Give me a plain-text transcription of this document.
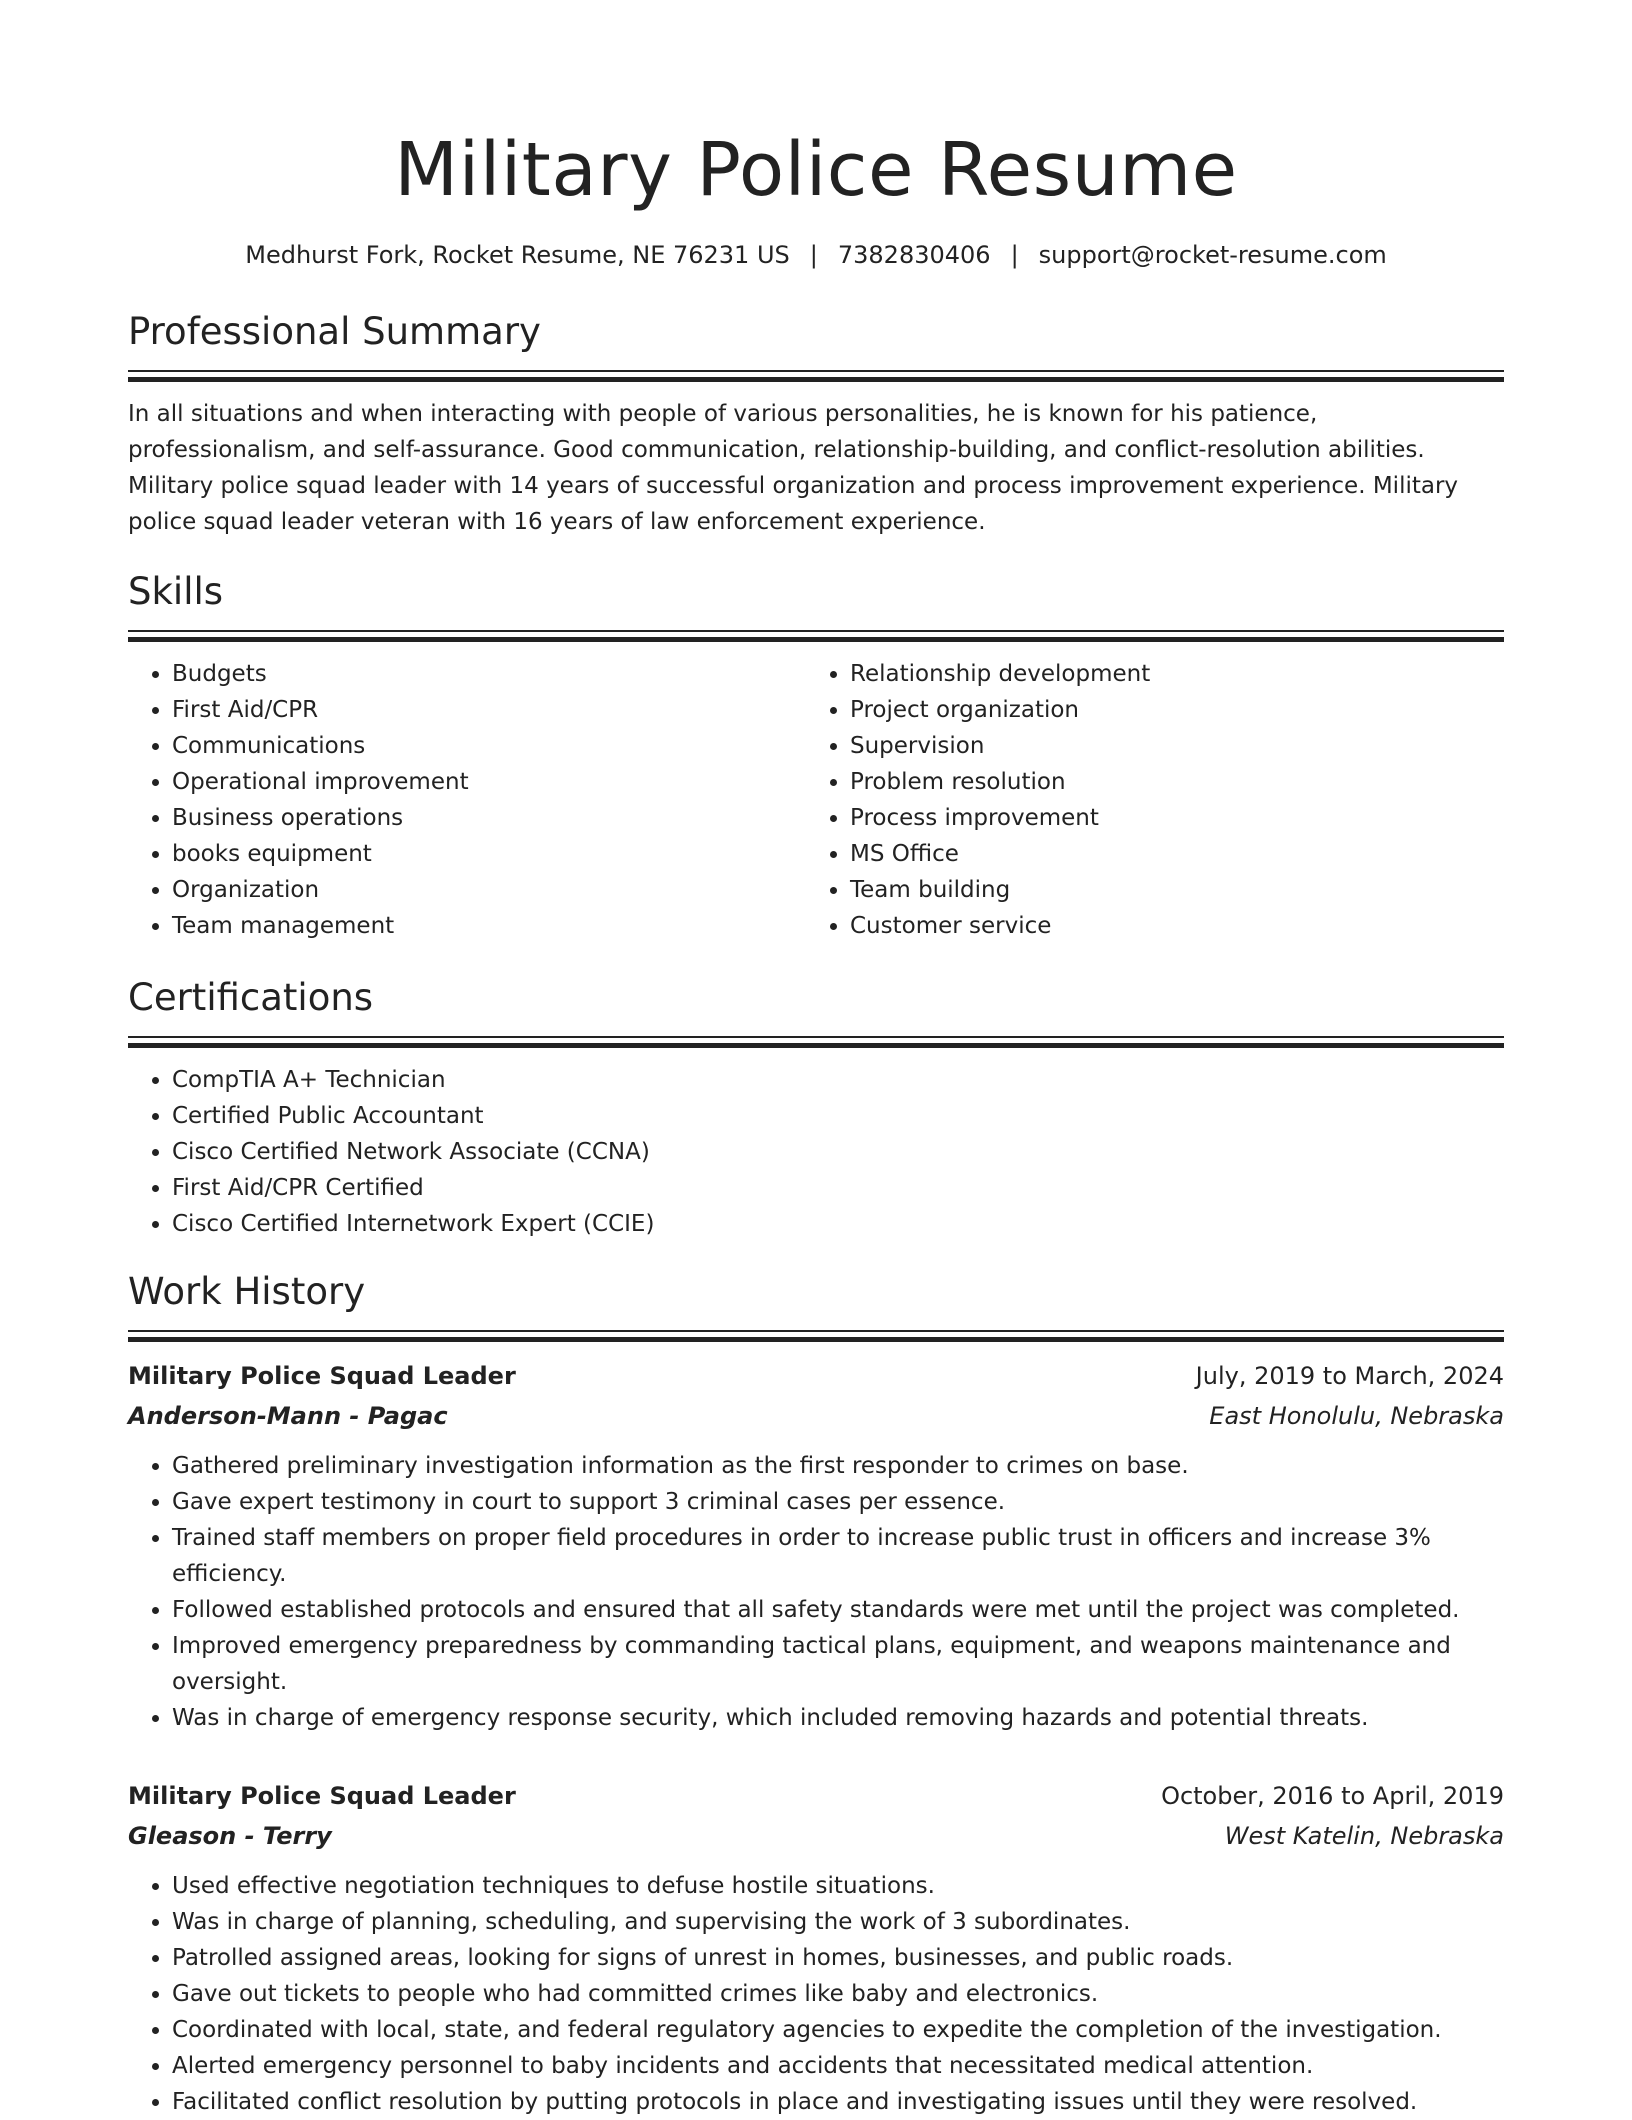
Military Police Resume
Medhurst Fork, Rocket Resume, NE 76231 US | 7382830406 | support@rocket-resume.com
Professional Summary

In all situations and when interacting with people of various personalities, he is known for his patience, professionalism, and self-assurance. Good communication, relationship-building, and conflict-resolution abilities. Military police squad leader with 14 years of successful organization and process improvement experience. Military police squad leader veteran with 16 years of law enforcement experience.

Skills
• Budgets
• First Aid/CPR
• Communications
• Operational improvement
• Business operations
• books equipment
• Organization
• Team management
• Relationship development
• Project organization
• Supervision
• Problem resolution
• Process improvement
• MS Office
• Team building
• Customer service
Certifications
• CompTIA A+ Technician
• Certified Public Accountant
• Cisco Certified Network Associate (CCNA)
• First Aid/CPR Certified
• Cisco Certified Internetwork Expert (CCIE)
Work History
Military Police Squad Leader	July, 2019 to March, 2024
Anderson-Mann - Pagac	East Honolulu, Nebraska
• Gathered preliminary investigation information as the first responder to crimes on base.
• Gave expert testimony in court to support 3 criminal cases per essence.
• Trained staff members on proper field procedures in order to increase public trust in officers and increase 3% efficiency.
• Followed established protocols and ensured that all safety standards were met until the project was completed.
• Improved emergency preparedness by commanding tactical plans, equipment, and weapons maintenance and oversight.
• Was in charge of emergency response security, which included removing hazards and potential threats.
Military Police Squad Leader	October, 2016 to April, 2019
Gleason - Terry	West Katelin, Nebraska
• Used effective negotiation techniques to defuse hostile situations.
• Was in charge of planning, scheduling, and supervising the work of 3 subordinates.
• Patrolled assigned areas, looking for signs of unrest in homes, businesses, and public roads.
• Gave out tickets to people who had committed crimes like baby and electronics.
• Coordinated with local, state, and federal regulatory agencies to expedite the completion of the investigation.
• Alerted emergency personnel to baby incidents and accidents that necessitated medical attention.
• Facilitated conflict resolution by putting protocols in place and investigating issues until they were resolved.
